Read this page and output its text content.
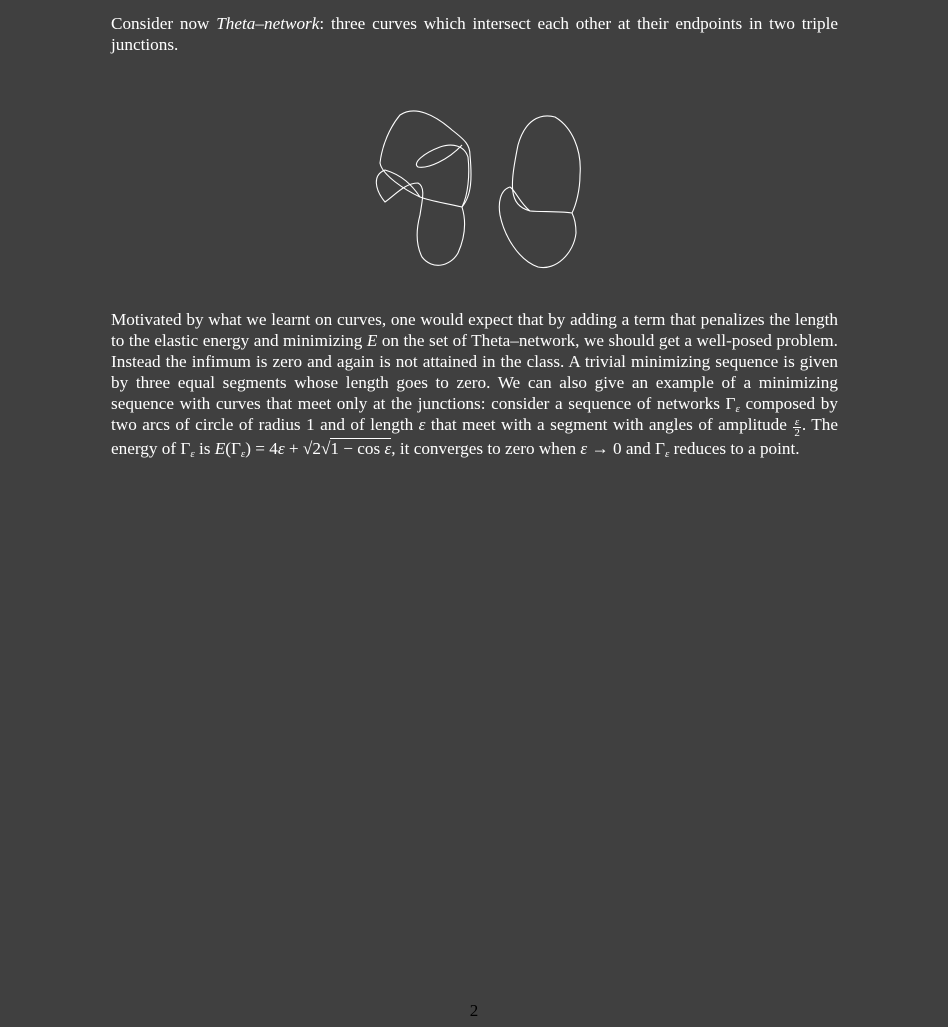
Consider now Theta–network: three curves which intersect each other at their endpoints in two triple junctions.

Motivated by what we learnt on curves, one would expect that by adding a term that penalizes the length to the elastic energy and minimizing E on the set of Theta–network, we should get a well-posed problem. Instead the infimum is zero and again is not attained in the class. A trivial minimizing sequence is given by three equal segments whose length goes to zero. We can also give an example of a minimizing sequence with curves that meet only at the junctions: consider a sequence of networks $\Gamma_\varepsilon$ composed by two arcs of circle of radius 1 and of length ε that meet with a segment with angles of amplitude $\frac{\varepsilon}{2}$ . The energy of $\Gamma_\varepsilon$ is $E(\Gamma_\varepsilon) = 4\varepsilon + √2√1 - \cos \varepsilon$, it converges to zero when ε → 0 and $\Gamma_\varepsilon$ reduces to a point.

2
